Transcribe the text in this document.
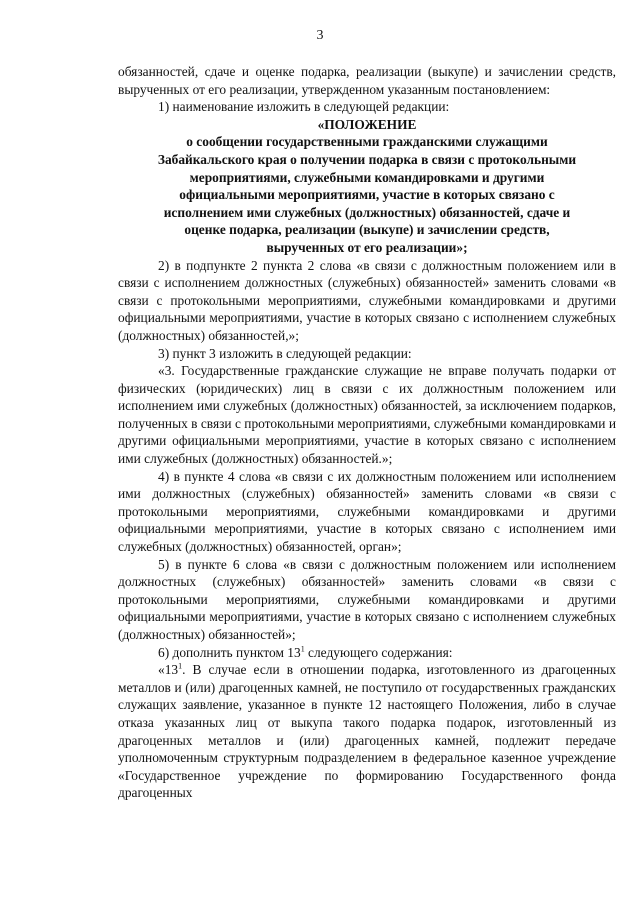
3

обязанностей, сдаче и оценке подарка, реализации (выкупе) и зачислении средств, вырученных от его реализации, утвержденном указанным постановлением:

1) наименование изложить в следующей редакции:

«ПОЛОЖЕНИЕ
о сообщении государственными гражданскими служащими
Забайкальского края о получении подарка в связи с протокольными
мероприятиями, служебными командировками и другими
официальными мероприятиями, участие в которых связано с
исполнением ими служебных (должностных) обязанностей, сдаче и
оценке подарка, реализации (выкупе) и зачислении средств,
вырученных от его реализации»;

2) в подпункте 2 пункта 2 слова «в связи с должностным положением или в связи с исполнением должностных (служебных) обязанностей» заменить словами «в связи с протокольными мероприятиями, служебными командировками и другими официальными мероприятиями, участие в которых связано с исполнением служебных (должностных) обязанностей,»;

3) пункт 3 изложить в следующей редакции:

«3. Государственные гражданские служащие не вправе получать подарки от физических (юридических) лиц в связи с их должностным положением или исполнением ими служебных (должностных) обязанностей, за исключением подарков, полученных в связи с протокольными мероприятиями, служебными командировками и другими официальными мероприятиями, участие в которых связано с исполнением ими служебных (должностных) обязанностей.»;

4) в пункте 4 слова «в связи с их должностным положением или исполнением ими должностных (служебных) обязанностей» заменить словами «в связи с протокольными мероприятиями, служебными командировками и другими официальными мероприятиями, участие в которых связано с исполнением ими служебных (должностных) обязанностей, орган»;

5) в пункте 6 слова «в связи с должностным положением или исполнением должностных (служебных) обязанностей» заменить словами «в связи с протокольными мероприятиями, служебными командировками и другими официальными мероприятиями, участие в которых связано с исполнением служебных (должностных) обязанностей»;

6) дополнить пунктом $13^1$ следующего содержания:

«$13^1$. В случае если в отношении подарка, изготовленного из драгоценных металлов и (или) драгоценных камней, не поступило от государственных гражданских служащих заявление, указанное в пункте 12 настоящего Положения, либо в случае отказа указанных лиц от выкупа такого подарка подарок, изготовленный из драгоценных металлов и (или) драгоценных камней, подлежит передаче уполномоченным структурным подразделением в федеральное казенное учреждение «Государственное учреждение по формированию Государственного фонда драгоценных
